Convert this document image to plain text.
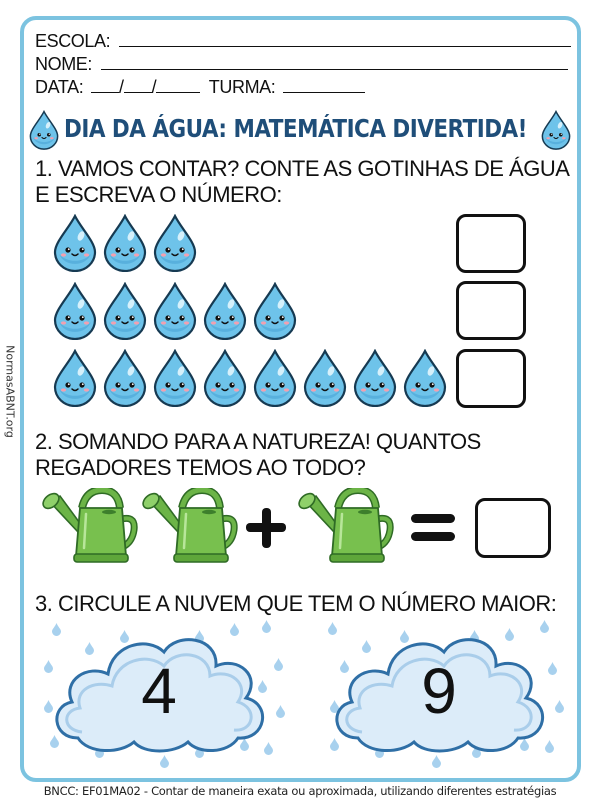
NormasABNT.org
ESCOLA:
NOME:
DATA: / /	TURMA:
DIA DA ÁGUA: MATEMÁTICA DIVERTIDA!
1. VAMOS CONTAR? CONTE AS GOTINHAS DE ÁGUA
E ESCREVA O NÚMERO:
2. SOMANDO PARA A NATUREZA! QUANTOS
REGADORES TEMOS AO TODO?
3. CIRCULE A NUVEM QUE TEM O NÚMERO MAIOR:
4	9
BNCC: EF01MA02 - Contar de maneira exata ou aproximada, utilizando diferentes estratégias
